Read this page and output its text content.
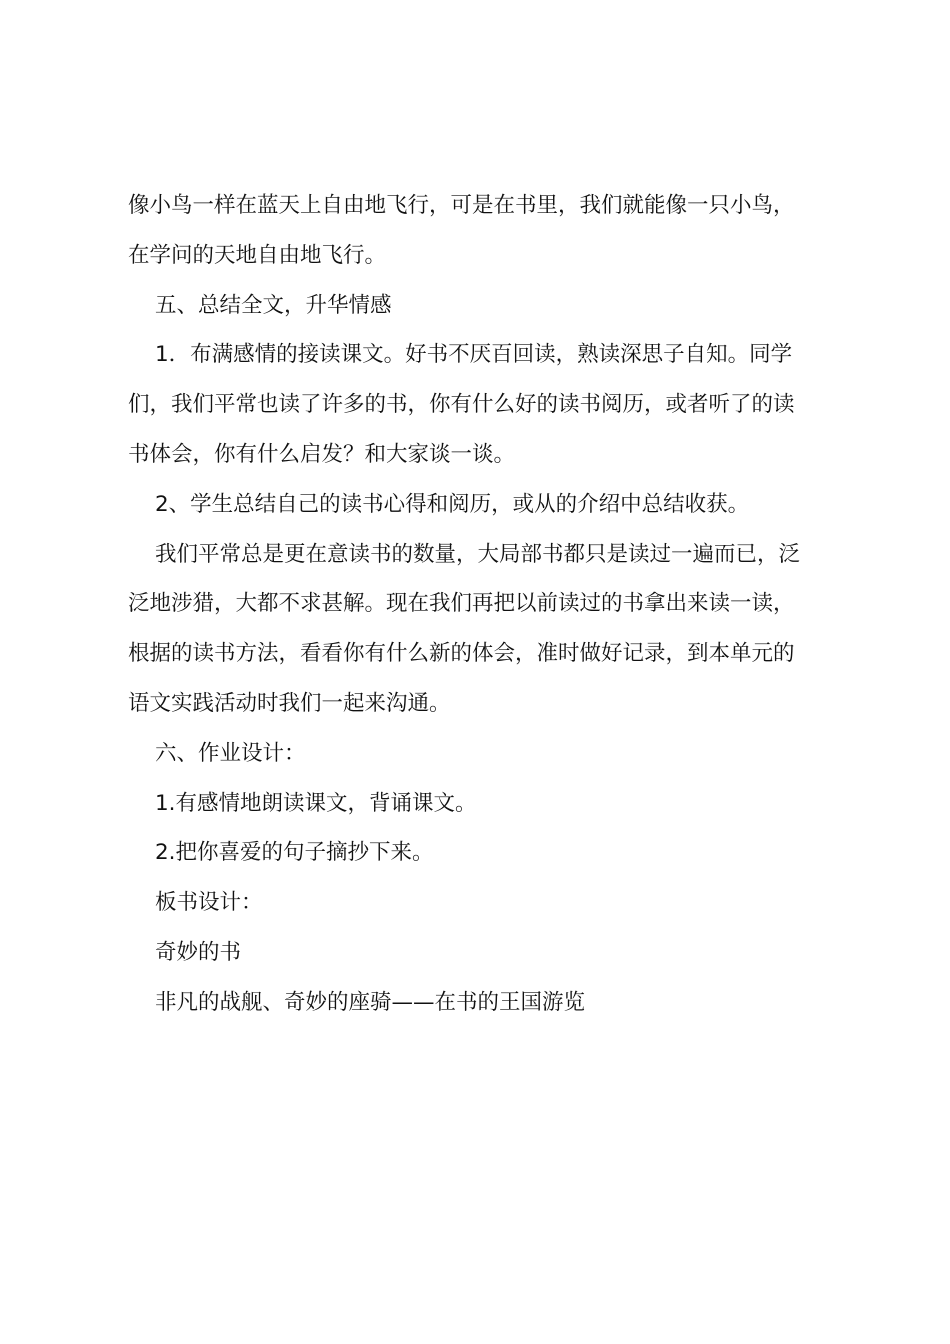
像小鸟一样在蓝天上自由地飞行，可是在书里，我们就能像一只小鸟，
在学问的天地自由地飞行。
五、总结全文，升华情感
1．布满感情的接读课文。好书不厌百回读，熟读深思子自知。同学
们，我们平常也读了许多的书，你有什么好的读书阅历，或者听了的读
书体会，你有什么启发？和大家谈一谈。
2、学生总结自己的读书心得和阅历，或从的介绍中总结收获。
我们平常总是更在意读书的数量，大局部书都只是读过一遍而已，泛
泛地涉猎，大都不求甚解。现在我们再把以前读过的书拿出来读一读，
根据的读书方法，看看你有什么新的体会，准时做好记录，到本单元的
语文实践活动时我们一起来沟通。
六、作业设计：
1.有感情地朗读课文，背诵课文。
2.把你喜爱的句子摘抄下来。
板书设计：
奇妙的书
非凡的战舰、奇妙的座骑——在书的王国游览
